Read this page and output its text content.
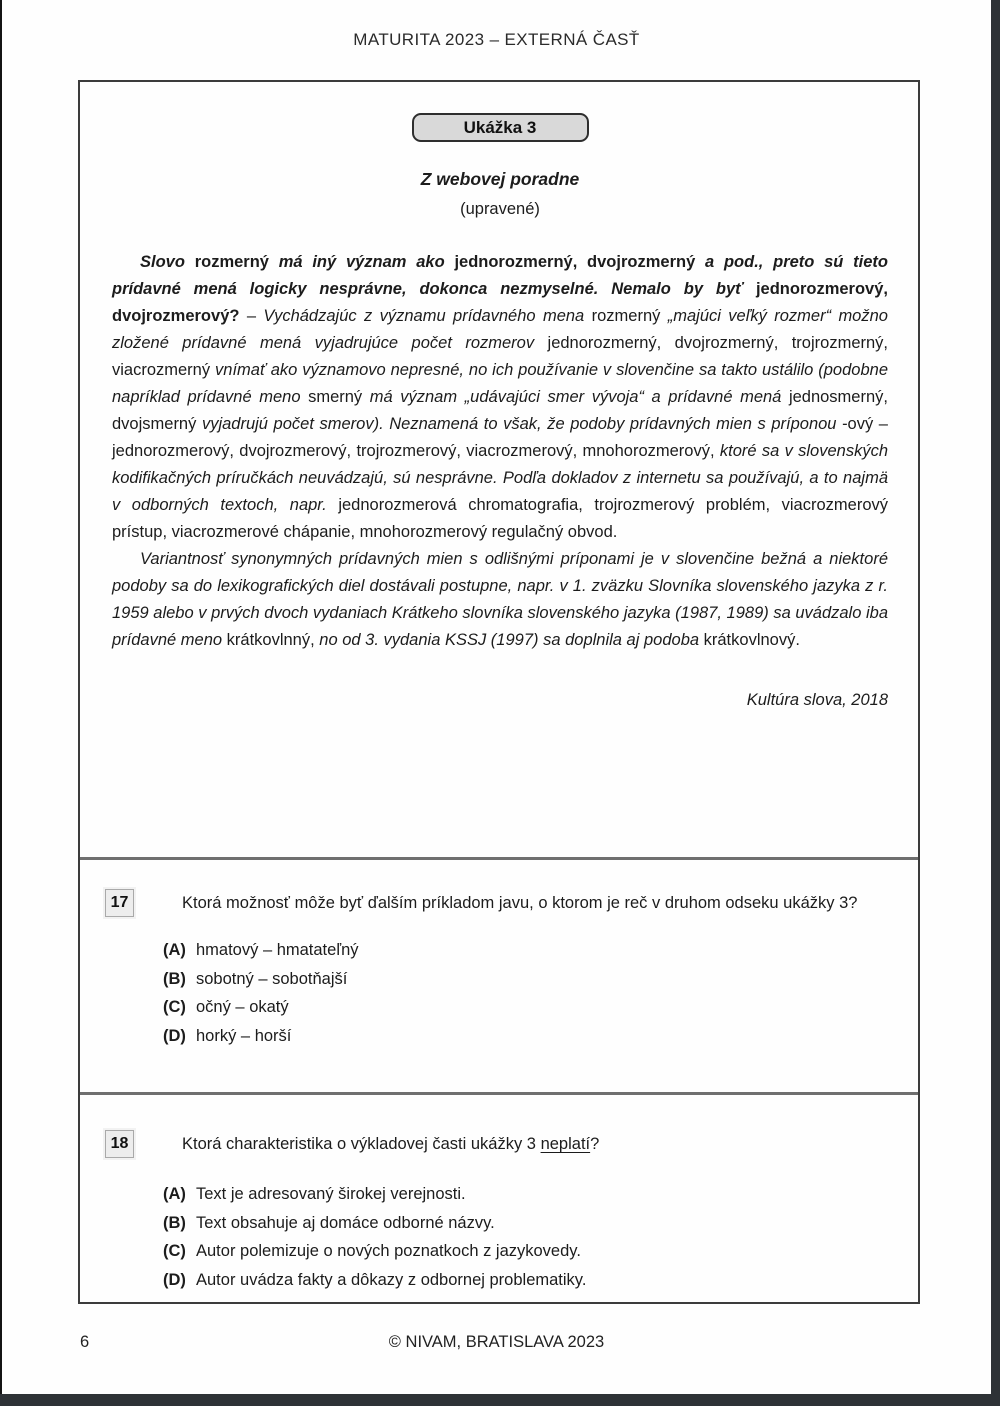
MATURITA 2023 – EXTERNÁ ČASŤ
Ukážka 3
Z webovej poradne
(upravené)

Slovo rozmerný má iný význam ako jednorozmerný, dvojrozmerný a pod., preto sú tieto prídavné mená logicky nesprávne, dokonca nezmyselné. Nemalo by byť jednorozmerový, dvojrozmerový? – Vychádzajúc z významu prídavného mena rozmerný „majúci veľký rozmer“ možno zložené prídavné mená vyjadrujúce počet rozmerov jednorozmerný, dvojrozmerný, trojrozmerný, viacrozmerný vnímať ako významovo nepresné, no ich používanie v slovenčine sa takto ustálilo (podobne napríklad prídavné meno smerný má význam „udávajúci smer vývoja“ a prídavné mená jednosmerný, dvojsmerný vyjadrujú počet smerov). Neznamená to však, že podoby prídavných mien s príponou -ový – jednorozmerový, dvojrozmerový, trojrozmerový, viacrozmerový, mnohorozmerový, ktoré sa v slovenských kodifikačných príručkách neuvádzajú, sú nesprávne. Podľa dokladov z internetu sa používajú, a to najmä v odborných textoch, napr. jednorozmerová chromatografia, trojrozmerový problém, viacrozmerový prístup, viacrozmerové chápanie, mnohorozmerový regulačný obvod.

Variantnosť synonymných prídavných mien s odlišnými príponami je v slovenčine bežná a niektoré podoby sa do lexikografických diel dostávali postupne, napr. v 1. zväzku Slovníka slovenského jazyka z r. 1959 alebo v prvých dvoch vydaniach Krátkeho slovníka slovenského jazyka (1987, 1989) sa uvádzalo iba prídavné meno krátkovlnný, no od 3. vydania KSSJ (1997) sa doplnila aj podoba krátkovlnový.

Kultúra slova, 2018
17	Ktorá možnosť môže byť ďalším príkladom javu, o ktorom je reč v druhom odseku ukážky 3?
(A) hmatový – hmatateľný
(B) sobotný – sobotňajší
(C) očný – okatý
(D) horký – horší
18	Ktorá charakteristika o výkladovej časti ukážky 3 neplatí?
(A) Text je adresovaný širokej verejnosti.
(B) Text obsahuje aj domáce odborné názvy.
(C) Autor polemizuje o nových poznatkoch z jazykovedy.
(D) Autor uvádza fakty a dôkazy z odbornej problematiky.
6	© NIVAM, BRATISLAVA 2023
